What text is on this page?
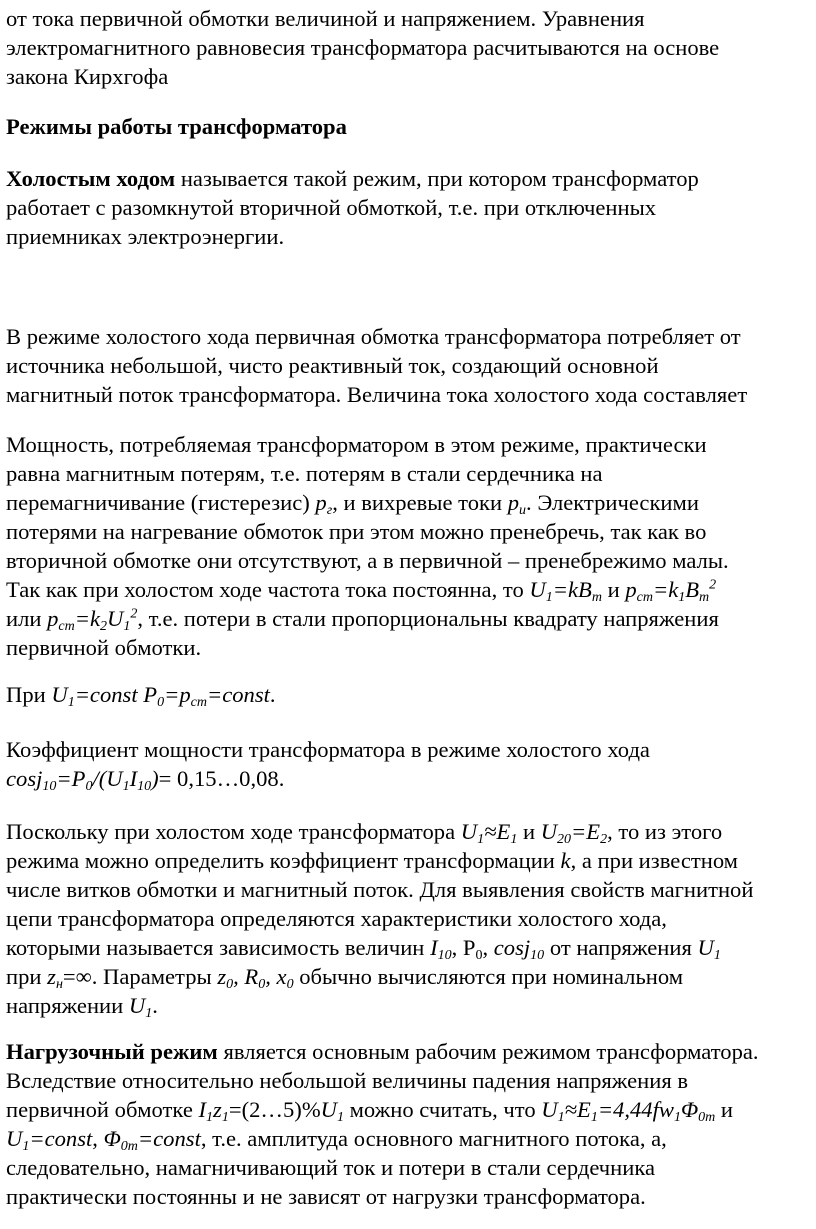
от тока первичной обмотки величиной и напряжением. Уравнения
электромагнитного равновесия трансформатора расчитываются на основе
закона Кирхгофа

Режимы работы трансформатора

Холостым ходом называется такой режим, при котором трансформатор
работает с разомкнутой вторичной обмоткой, т.е. при отключенных
приемниках электроэнергии.

В режиме холостого хода первичная обмотка трансформатора потребляет от
источника небольшой, чисто реактивный ток, создающий основной
магнитный поток трансформатора. Величина тока холостого хода составляет

Мощность, потребляемая трансформатором в этом режиме, практически
равна магнитным потерям, т.е. потерям в стали сердечника на
перемагничивание (гистерезис) $p_г$, и вихревые токи $p_и$. Электрическими
потерями на нагревание обмоток при этом можно пренебречь, так как во
вторичной обмотке они отсутствуют, а в первичной – пренебрежимо малы.
Так как при холостом ходе частота тока постоянна, то $U_1=kB_m$ и $p_{cm}=k_1B_m^2$
или $p_{cm}=k_2U_1^2$, т.е. потери в стали пропорциональны квадрату напряжения
первичной обмотки.

При $U_1=const$ $P_0=p_{cm}=const$.

Коэффициент мощности трансформатора в режиме холостого хода
$\cos j_{10}=P_0/(U_1I_{10})=$ 0,15…0,08.

Поскольку при холостом ходе трансформатора $U_1\approx E_1$ и $U_{20}=E_2$, то из этого
режима можно определить коэффициент трансформации k, а при известном
числе витков обмотки и магнитный поток. Для выявления свойств магнитной
цепи трансформатора определяются характеристики холостого хода,
которыми называется зависимость величин $I_{10}$, $P_0$, cosj$_{10}$ от напряжения $U_1$
при $z_н=\infty$. Параметры $z_0$, $R_0$, $x_0$ обычно вычисляются при номинальном
напряжении $U_1$.

Нагрузочный режим является основным рабочим режимом трансформатора.
Вследствие относительно небольшой величины падения напряжения в
первичной обмотке $I_1z_1=(2\dots 5)\%U_1$ можно считать, что $U_1\approx E_1=4,44fw_1\Phi_{0m}$ и
$U_1=const$, $\Phi_{0m}=const$, т.е. амплитуда основного магнитного потока, а,
следовательно, намагничивающий ток и потери в стали сердечника
практически постоянны и не зависят от нагрузки трансформатора.
